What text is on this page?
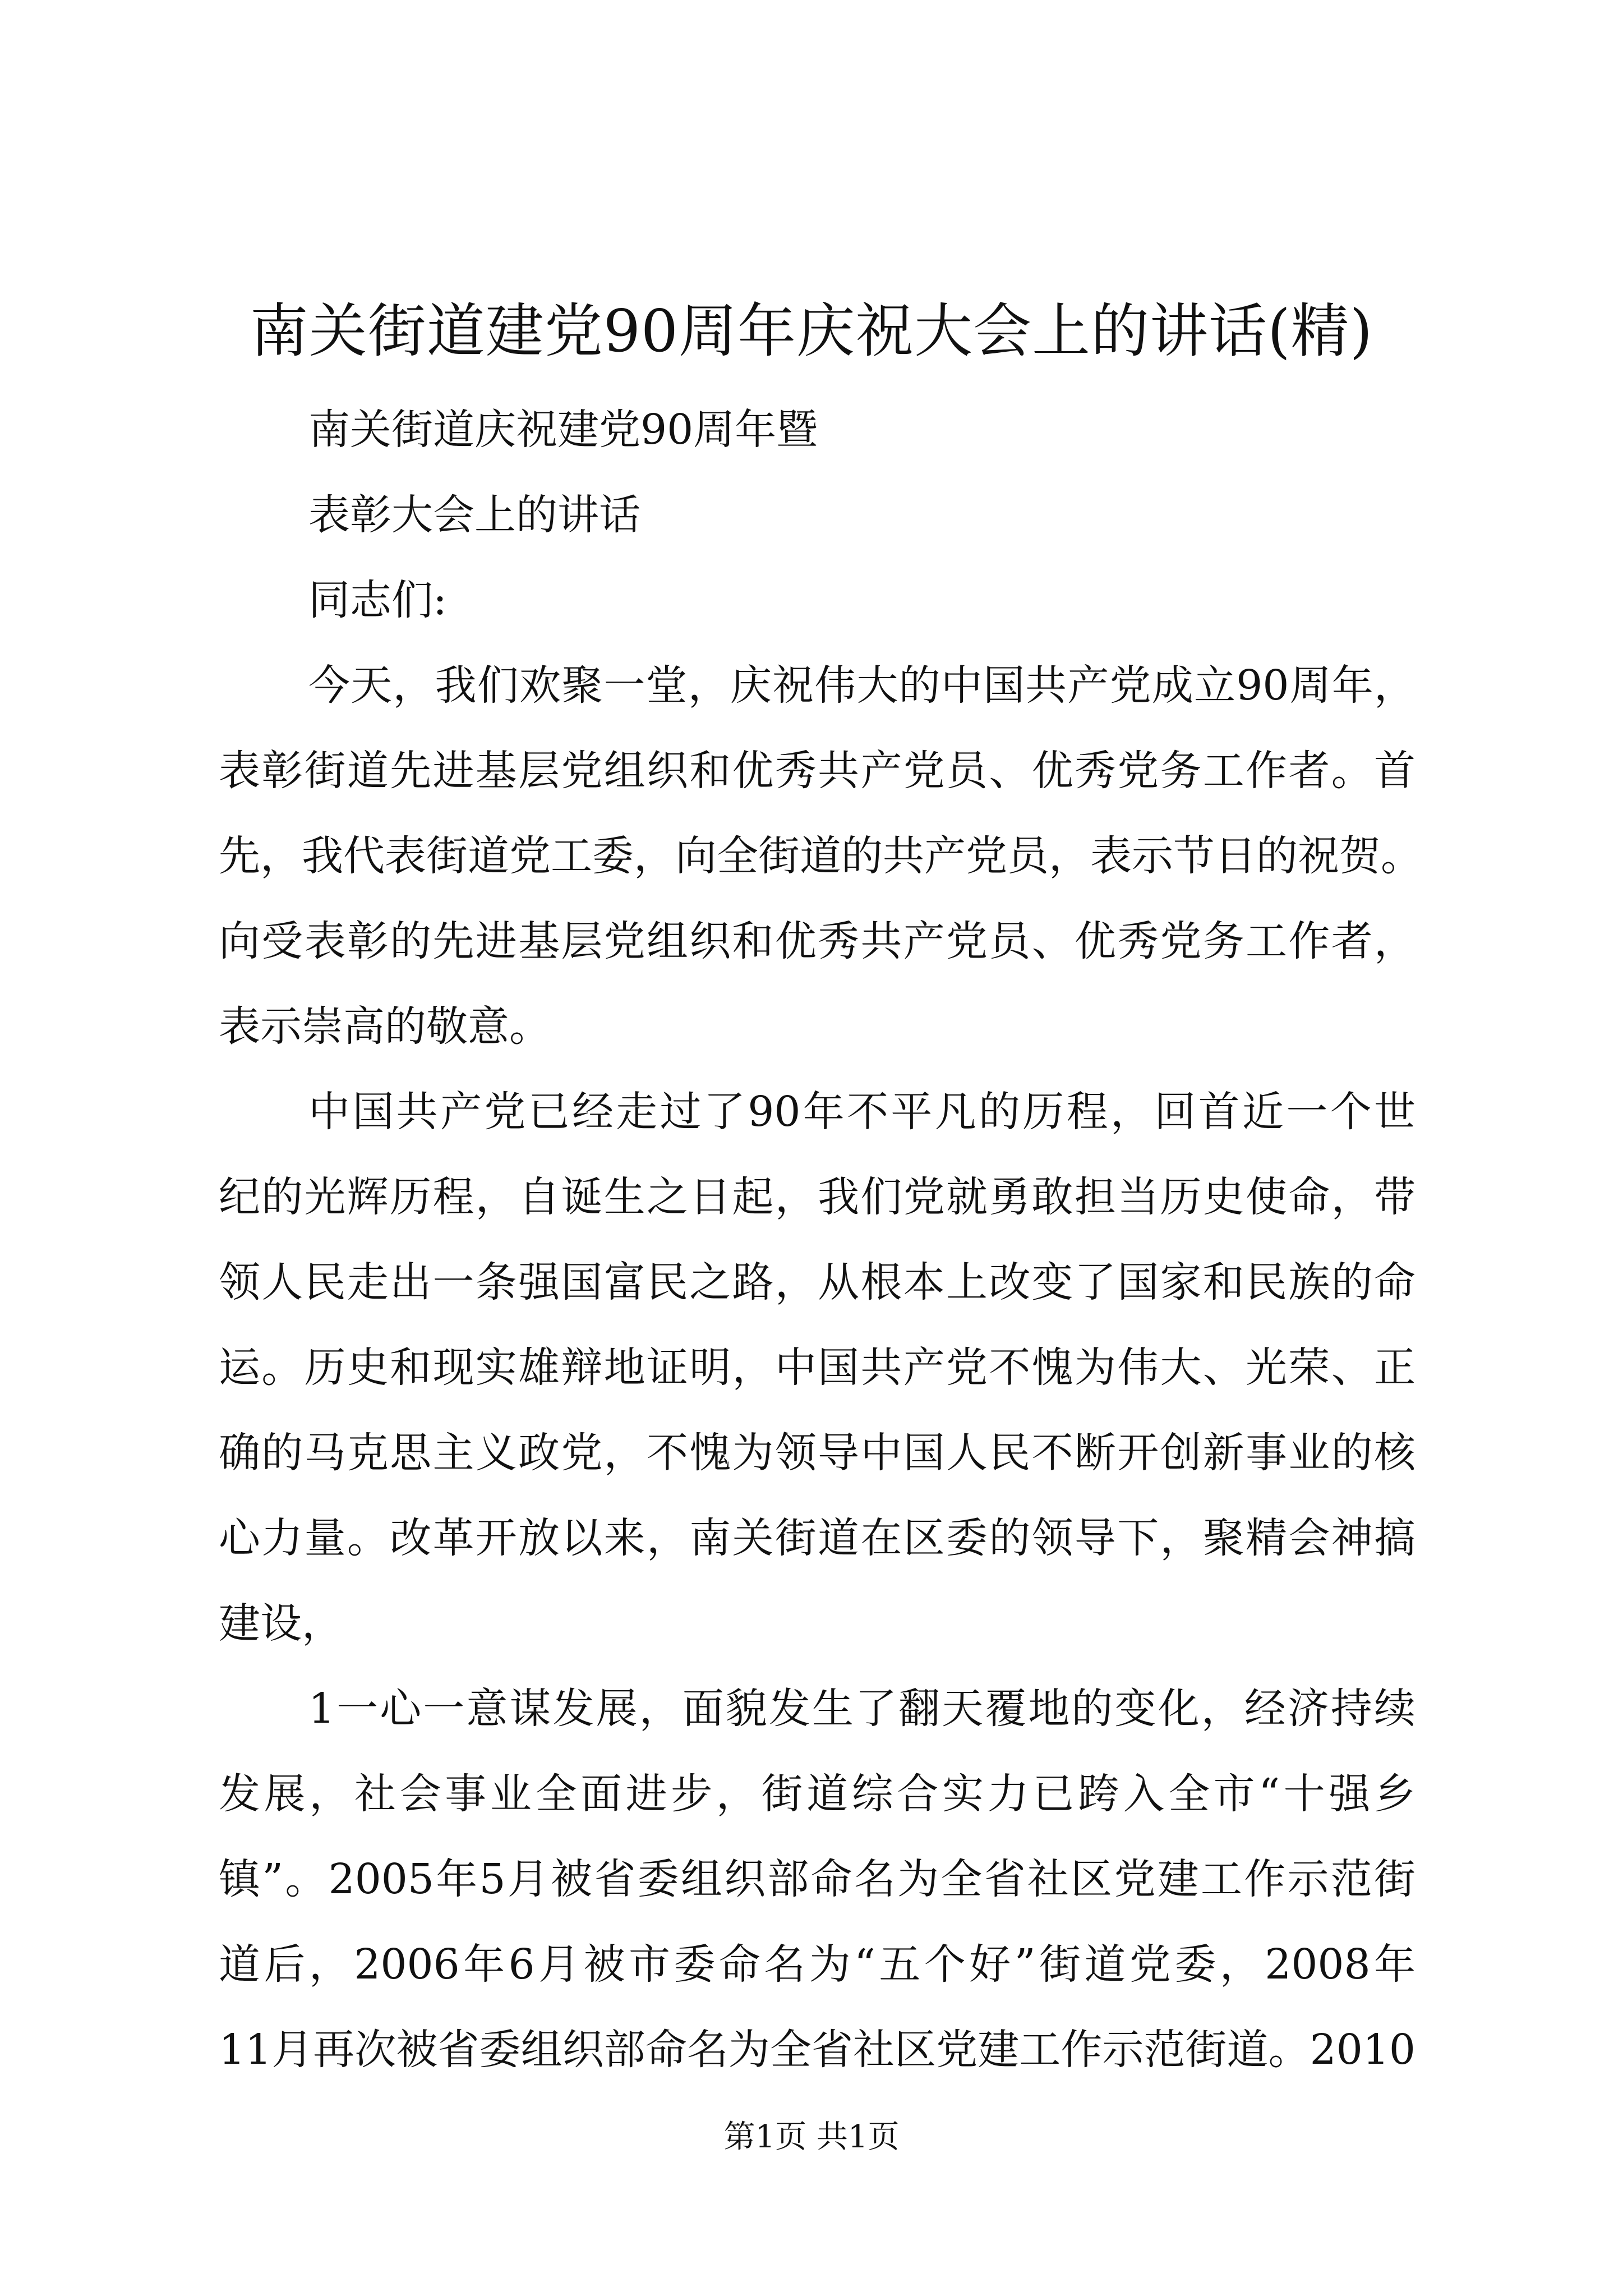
南关街道建党90周年庆祝大会上的讲话(精)
南关街道庆祝建党90周年暨
表彰大会上的讲话
同志们:
今天，我们欢聚一堂，庆祝伟大的中国共产党成立90周年，
表彰街道先进基层党组织和优秀共产党员、优秀党务工作者。首
先，我代表街道党工委，向全街道的共产党员，表示节日的祝贺。
向受表彰的先进基层党组织和优秀共产党员、优秀党务工作者，
表示崇高的敬意。
中国共产党已经走过了90年不平凡的历程，回首近一个世
纪的光辉历程，自诞生之日起，我们党就勇敢担当历史使命，带
领人民走出一条强国富民之路，从根本上改变了国家和民族的命
运。历史和现实雄辩地证明，中国共产党不愧为伟大、光荣、正
确的马克思主义政党，不愧为领导中国人民不断开创新事业的核
心力量。改革开放以来，南关街道在区委的领导下，聚精会神搞
建设，
1一心一意谋发展，面貌发生了翻天覆地的变化，经济持续
发展，社会事业全面进步，街道综合实力已跨入全市“十强乡
镇”。2005年5月被省委组织部命名为全省社区党建工作示范街
道后，2006年6月被市委命名为“五个好”街道党委，2008年
11月再次被省委组织部命名为全省社区党建工作示范街道。2010
第1页 共1页
